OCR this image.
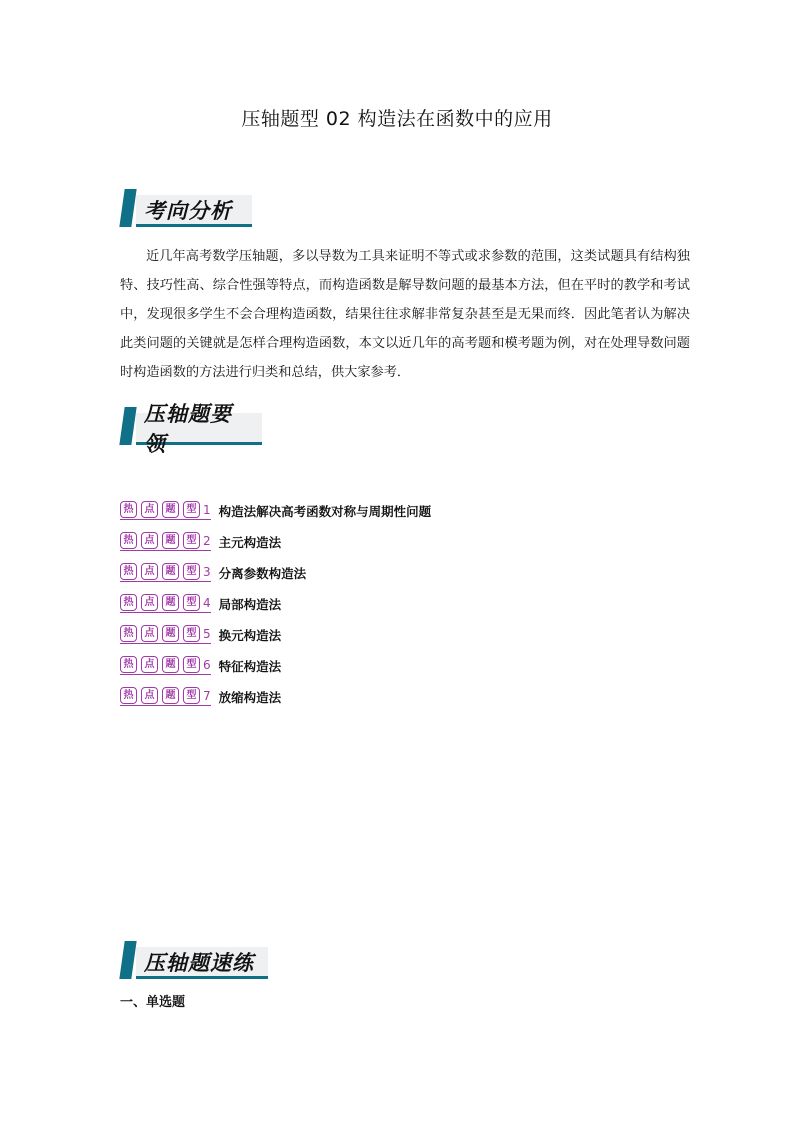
压轴题型 02 构造法在函数中的应用
考向分析

近几年高考数学压轴题，多以导数为工具来证明不等式或求参数的范围，这类试题具有结构独特、技巧性高、综合性强等特点，而构造函数是解导数问题的最基本方法，但在平时的教学和考试中，发现很多学生不会合理构造函数，结果往往求解非常复杂甚至是无果而终．因此笔者认为解决此类问题的关键就是怎样合理构造函数，本文以近几年的高考题和模考题为例，对在处理导数问题时构造函数的方法进行归类和总结，供大家参考．

压轴题要领
热	点	题	型 1 构造法解决高考函数对称与周期性问题
热	点	题	型 2 主元构造法
热	点	题	型 3 分离参数构造法
热	点	题	型 4 局部构造法
热	点	题	型 5 换元构造法
热	点	题	型 6 特征构造法
热	点	题	型 7 放缩构造法
压轴题速练
一、单选题
